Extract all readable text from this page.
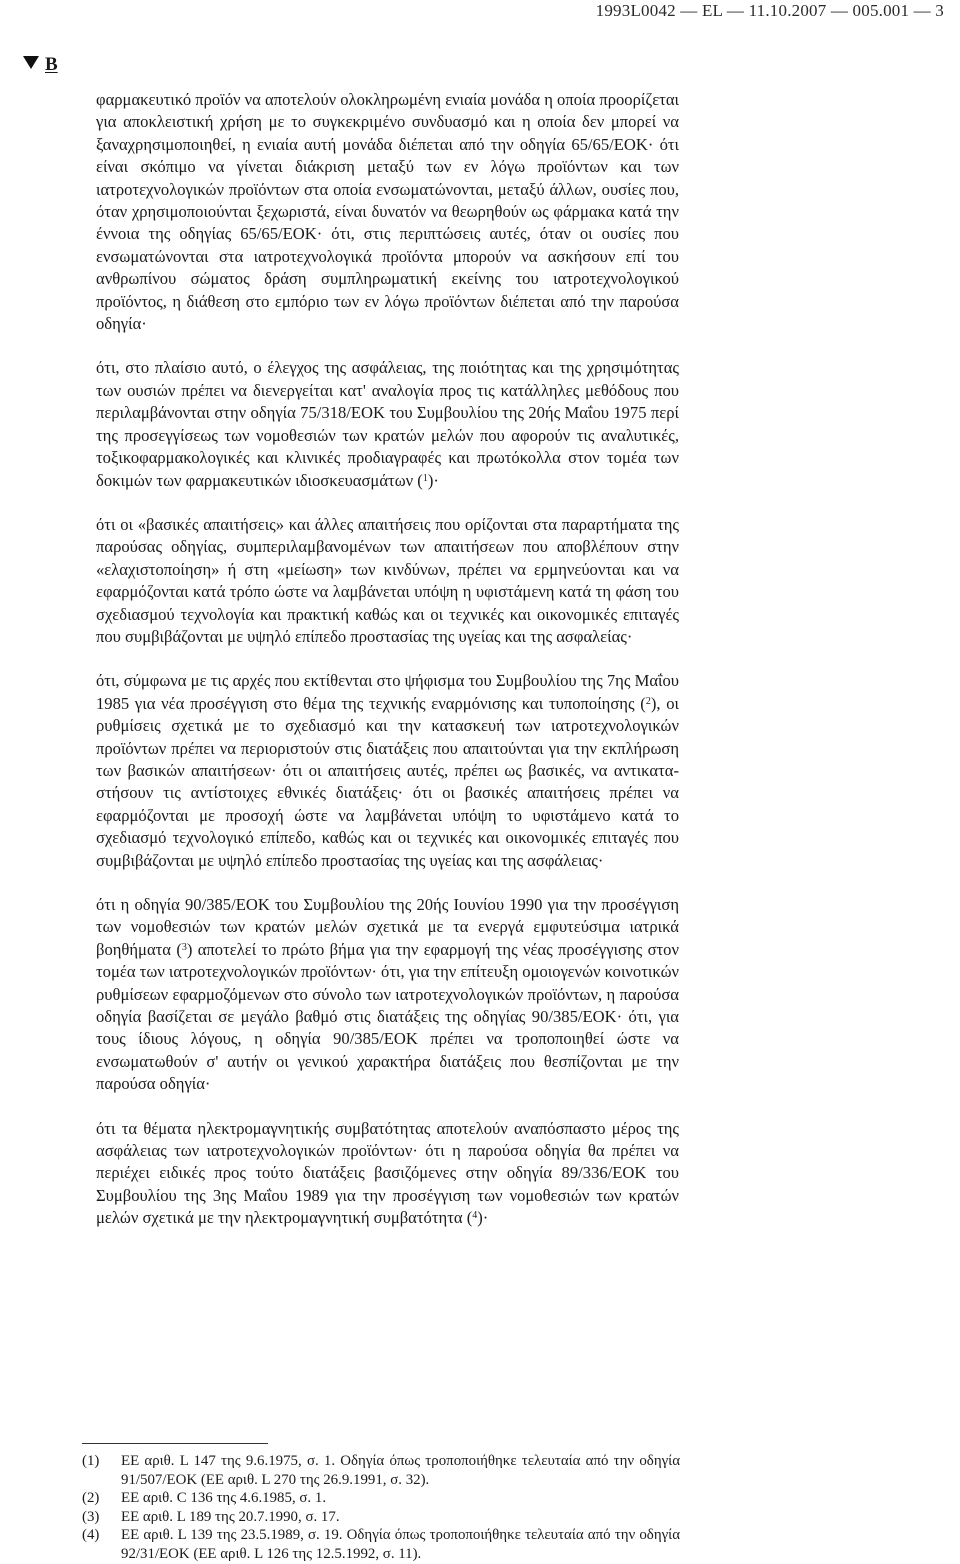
1993L0042 — EL — 11.10.2007 — 005.001 — 3
B

φαρμακευτικό προϊόν να αποτελούν ολοκληρωμένη ενιαία μονάδα η οποία προορίζεται για αποκλειστική χρήση με το συγκεκριμένο συνδυασμό και η οποία δεν μπορεί να ξαναχρησιμοποιηθεί, η ενιαία αυτή μονάδα διέπεται από την οδηγία 65/65/ΕΟΚ· ότι είναι σκόπιμο να γίνεται διάκριση μεταξύ των εν λόγω προϊόντων και των ιατροτεχνολογικών προϊόντων στα οποία ενσωματώνονται, μεταξύ άλλων, ουσίες που, όταν χρησιμοποιούνται ξεχωριστά, είναι δυνατόν να θεωρηθούν ως φάρμακα κατά την έννοια της οδηγίας 65/65/ΕΟΚ· ότι, στις περιπτώσεις αυτές, όταν οι ουσίες που ενσωματώνονται στα ιατροτεχνολογικά προϊόντα μπορούν να ασκήσουν επί του ανθρωπίνου σώματος δράση συμπληρωματική εκείνης του ιατροτεχνολογικού προϊόντος, η διάθεση στο εμπόριο των εν λόγω προϊόντων διέπεται από την παρούσα οδηγία·

ότι, στο πλαίσιο αυτό, ο έλεγχος της ασφάλειας, της ποιότητας και της χρησιμότητας των ουσιών πρέπει να διενεργείται κατ' αναλογία προς τις κατάλληλες μεθόδους που περιλαμβάνονται στην οδηγία 75/318/ΕΟΚ του Συμβουλίου της 20ής Μαΐου 1975 περί της προσεγγίσεως των νομοθεσιών των κρατών μελών που αφορούν τις αναλυτικές, τοξικοφαρμακολογικές και κλινικές προδιαγραφές και πρωτόκολλα στον τομέα των δοκιμών των φαρμακευτικών ιδιοσκευασμάτων ($^1$)·

ότι οι «βασικές απαιτήσεις» και άλλες απαιτήσεις που ορίζονται στα παραρτήματα της παρούσας οδηγίας, συμπεριλαμβανομένων των απαιτήσεων που αποβλέπουν στην «ελαχιστοποίηση» ή στη «μείωση» των κινδύνων, πρέπει να ερμηνεύονται και να εφαρμόζονται κατά τρόπο ώστε να λαμβάνεται υπόψη η υφιστάμενη κατά τη φάση του σχεδιασμού τεχνολογία και πρακτική καθώς και οι τεχνικές και οικονομικές επιταγές που συμβιβάζονται με υψηλό επίπεδο προστασίας της υγείας και της ασφαλείας·

ότι, σύμφωνα με τις αρχές που εκτίθενται στο ψήφισμα του Συμβουλίου της 7ης Μαΐου 1985 για νέα προσέγγιση στο θέμα της τεχνικής εναρμόνισης και τυποποίησης ($^2$), οι ρυθμίσεις σχετικά με το σχεδιασμό και την κατασκευή των ιατροτεχνολογικών προϊόντων πρέπει να περιοριστούν στις διατάξεις που απαιτούνται για την εκπλήρωση των βασικών απαιτήσεων· ότι οι απαιτήσεις αυτές, πρέπει ως βασικές, να αντικαταστήσουν τις αντίστοιχες εθνικές διατάξεις· ότι οι βασικές απαιτήσεις πρέπει να εφαρμόζονται με προσοχή ώστε να λαμβάνεται υπόψη το υφιστάμενο κατά το σχεδιασμό τεχνολογικό επίπεδο, καθώς και οι τεχνικές και οικονομικές επιταγές που συμβιβάζονται με υψηλό επίπεδο προστασίας της υγείας και της ασφάλειας·

ότι η οδηγία 90/385/ΕΟΚ του Συμβουλίου της 20ής Ιουνίου 1990 για την προσέγγιση των νομοθεσιών των κρατών μελών σχετικά με τα ενεργά εμφυτεύσιμα ιατρικά βοηθήματα ($^3$) αποτελεί το πρώτο βήμα για την εφαρμογή της νέας προσέγγισης στον τομέα των ιατροτεχνολογικών προϊόντων· ότι, για την επίτευξη ομοιογενών κοινοτικών ρυθμίσεων εφαρμοζόμενων στο σύνολο των ιατροτεχνολογικών προϊόντων, η παρούσα οδηγία βασίζεται σε μεγάλο βαθμό στις διατάξεις της οδηγίας 90/385/ΕΟΚ· ότι, για τους ίδιους λόγους, η οδηγία 90/385/ΕΟΚ πρέπει να τροποποιηθεί ώστε να ενσωματωθούν σ' αυτήν οι γενικού χαρακτήρα διατάξεις που θεσπίζονται με την παρούσα οδηγία·

ότι τα θέματα ηλεκτρομαγνητικής συμβατότητας αποτελούν αναπόσπαστο μέρος της ασφάλειας των ιατροτεχνολογικών προϊόντων· ότι η παρούσα οδηγία θα πρέπει να περιέχει ειδικές προς τούτο διατάξεις βασιζόμενες στην οδηγία 89/336/ΕΟΚ του Συμβουλίου της 3ης Μαΐου 1989 για την προσέγγιση των νομοθεσιών των κρατών μελών σχετικά με την ηλεκτρομαγνητική συμβατότητα ($^4$)·

(1) ΕΕ αριθ. L 147 της 9.6.1975, σ. 1. Οδηγία όπως τροποποιήθηκε τελευταία από την οδηγία 91/507/ΕΟΚ (ΕΕ αριθ. L 270 της 26.9.1991, σ. 32).
(2) ΕΕ αριθ. C 136 της 4.6.1985, σ. 1.
(3) ΕΕ αριθ. L 189 της 20.7.1990, σ. 17.
(4) ΕΕ αριθ. L 139 της 23.5.1989, σ. 19. Οδηγία όπως τροποποιήθηκε τελευταία από την οδηγία 92/31/ΕΟΚ (ΕΕ αριθ. L 126 της 12.5.1992, σ. 11).
